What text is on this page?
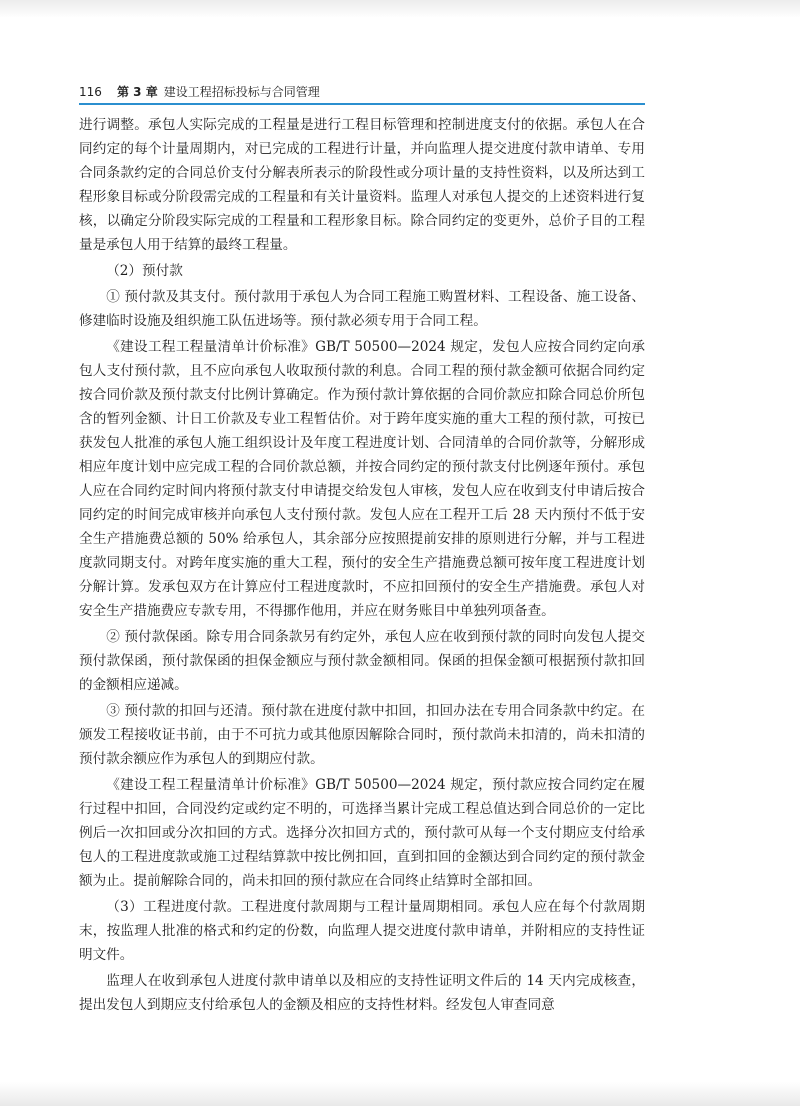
116 第 3 章 建设工程招标投标与合同管理

进行调整。承包人实际完成的工程量是进行工程目标管理和控制进度支付的依据。承包人在合同约定的每个计量周期内，对已完成的工程进行计量，并向监理人提交进度付款申请单、专用合同条款约定的合同总价支付分解表所表示的阶段性或分项计量的支持性资料，以及所达到工程形象目标或分阶段需完成的工程量和有关计量资料。监理人对承包人提交的上述资料进行复核，以确定分阶段实际完成的工程量和工程形象目标。除合同约定的变更外，总价子目的工程量是承包人用于结算的最终工程量。

（2）预付款

① 预付款及其支付。预付款用于承包人为合同工程施工购置材料、工程设备、施工设备、修建临时设施及组织施工队伍进场等。预付款必须专用于合同工程。

《建设工程工程量清单计价标准》GB/T 50500—2024 规定，发包人应按合同约定向承包人支付预付款，且不应向承包人收取预付款的利息。合同工程的预付款金额可依据合同约定按合同价款及预付款支付比例计算确定。作为预付款计算依据的合同价款应扣除合同总价所包含的暂列金额、计日工价款及专业工程暂估价。对于跨年度实施的重大工程的预付款，可按已获发包人批准的承包人施工组织设计及年度工程进度计划、合同清单的合同价款等，分解形成相应年度计划中应完成工程的合同价款总额，并按合同约定的预付款支付比例逐年预付。承包人应在合同约定时间内将预付款支付申请提交给发包人审核，发包人应在收到支付申请后按合同约定的时间完成审核并向承包人支付预付款。发包人应在工程开工后 28 天内预付不低于安全生产措施费总额的 50% 给承包人，其余部分应按照提前安排的原则进行分解，并与工程进度款同期支付。对跨年度实施的重大工程，预付的安全生产措施费总额可按年度工程进度计划分解计算。发承包双方在计算应付工程进度款时，不应扣回预付的安全生产措施费。承包人对安全生产措施费应专款专用，不得挪作他用，并应在财务账目中单独列项备查。

② 预付款保函。除专用合同条款另有约定外，承包人应在收到预付款的同时向发包人提交预付款保函，预付款保函的担保金额应与预付款金额相同。保函的担保金额可根据预付款扣回的金额相应递减。

③ 预付款的扣回与还清。预付款在进度付款中扣回，扣回办法在专用合同条款中约定。在颁发工程接收证书前，由于不可抗力或其他原因解除合同时，预付款尚未扣清的，尚未扣清的预付款余额应作为承包人的到期应付款。

《建设工程工程量清单计价标准》GB/T 50500—2024 规定，预付款应按合同约定在履行过程中扣回，合同没约定或约定不明的，可选择当累计完成工程总值达到合同总价的一定比例后一次扣回或分次扣回的方式。选择分次扣回方式的，预付款可从每一个支付期应支付给承包人的工程进度款或施工过程结算款中按比例扣回，直到扣回的金额达到合同约定的预付款金额为止。提前解除合同的，尚未扣回的预付款应在合同终止结算时全部扣回。

（3）工程进度付款。工程进度付款周期与工程计量周期相同。承包人应在每个付款周期末，按监理人批准的格式和约定的份数，向监理人提交进度付款申请单，并附相应的支持性证明文件。

监理人在收到承包人进度付款申请单以及相应的支持性证明文件后的 14 天内完成核查，提出发包人到期应支付给承包人的金额及相应的支持性材料。经发包人审查同意
